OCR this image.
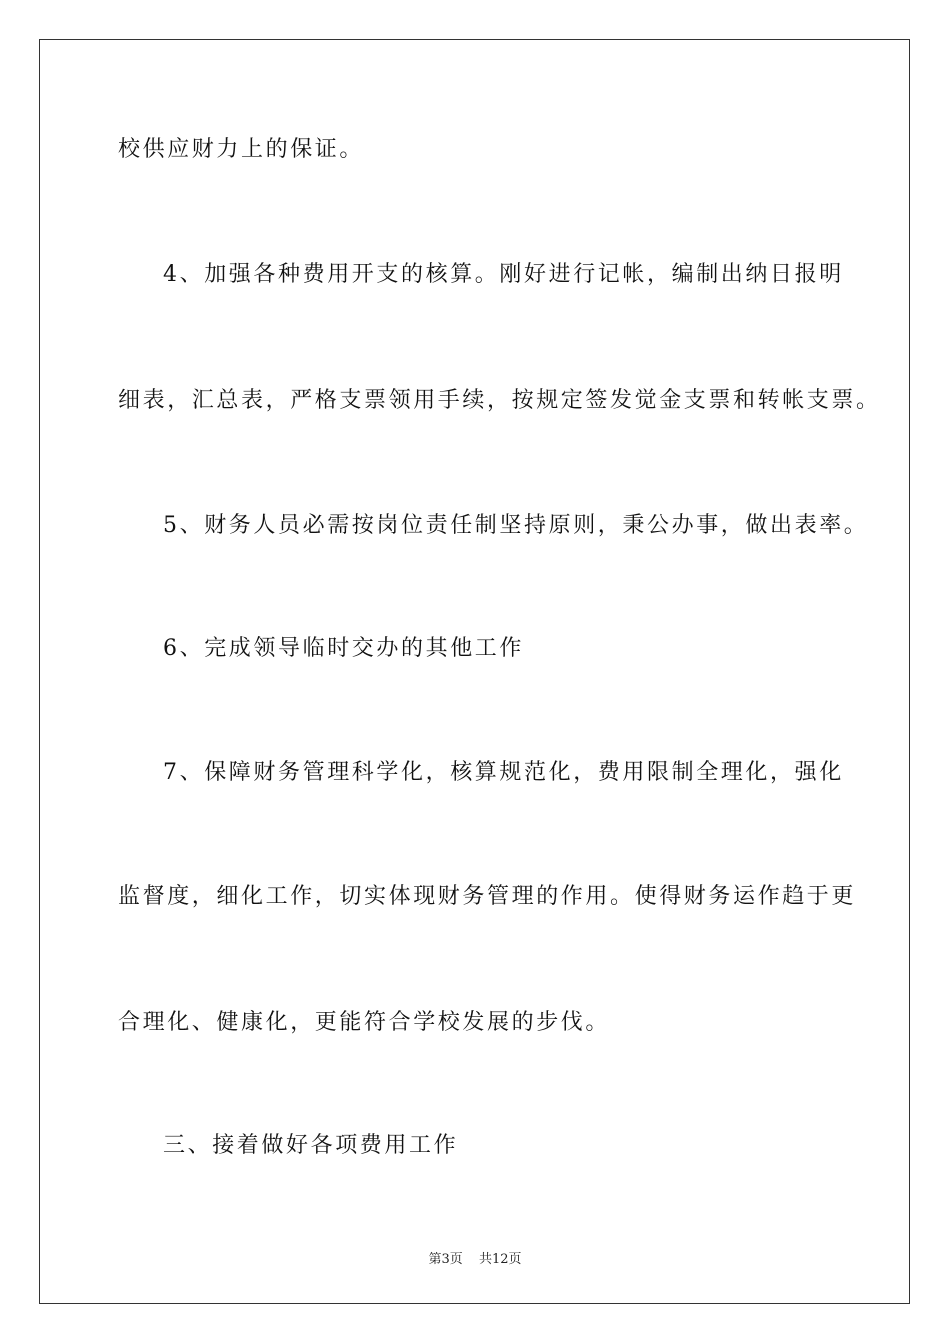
校供应财力上的保证。
4、加强各种费用开支的核算。刚好进行记帐，编制出纳日报明
细表，汇总表，严格支票领用手续，按规定签发觉金支票和转帐支票。
5、财务人员必需按岗位责任制坚持原则，秉公办事，做出表率。
6、完成领导临时交办的其他工作
7、保障财务管理科学化，核算规范化，费用限制全理化，强化
监督度，细化工作，切实体现财务管理的作用。使得财务运作趋于更
合理化、健康化，更能符合学校发展的步伐。
三、接着做好各项费用工作
第3页 共12页
